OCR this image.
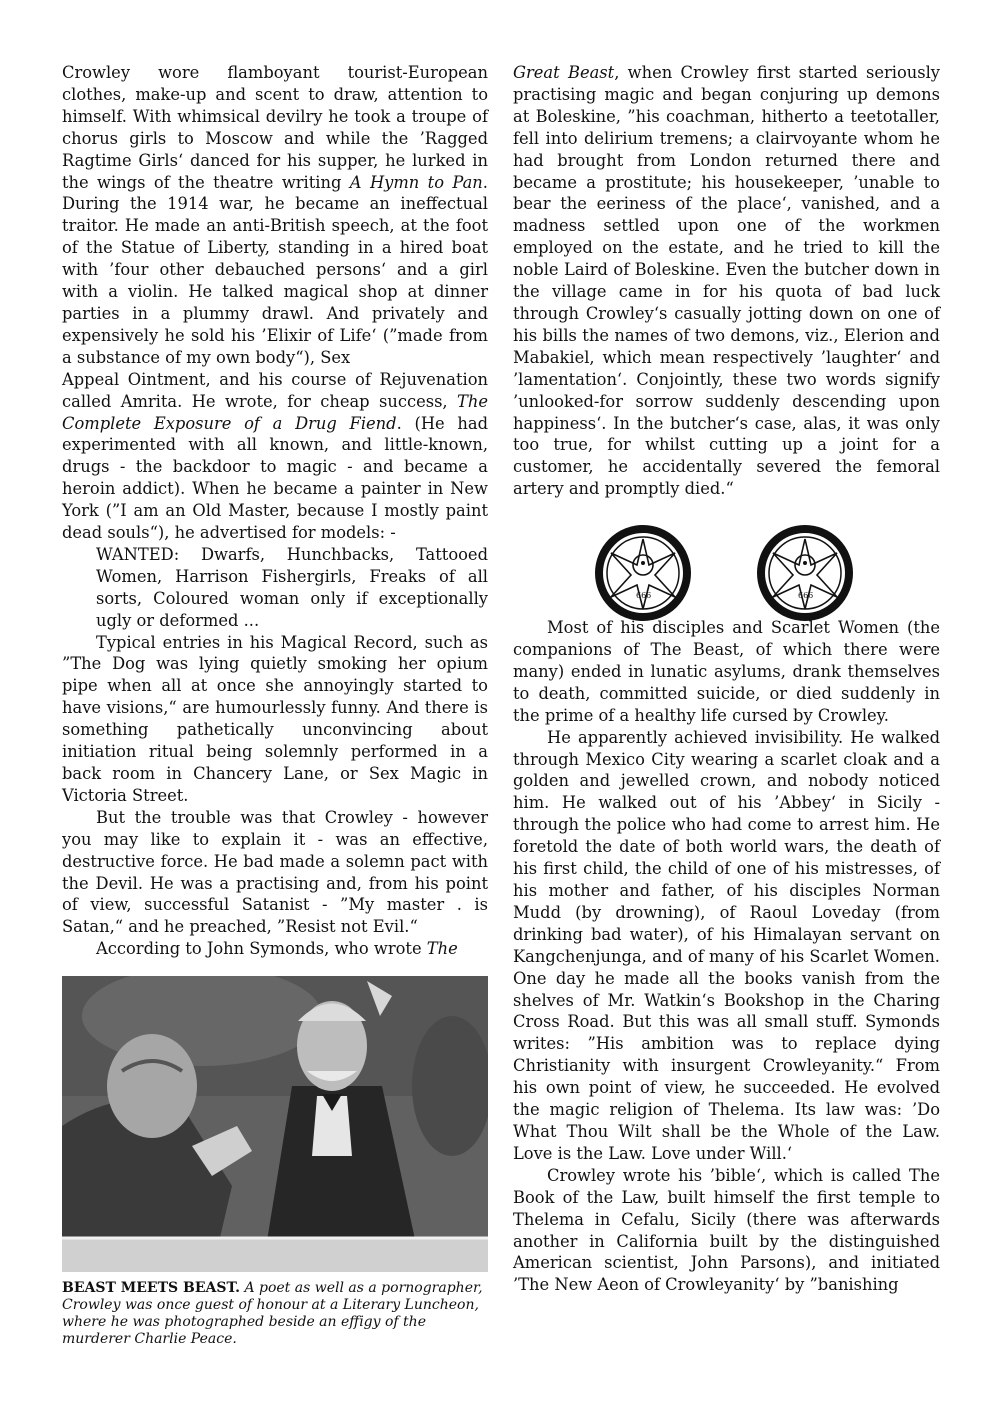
Crowley wore flamboyant tourist-European clothes, make-up and scent to draw, attention to himself. With whimsical devilry he took a troupe of chorus girls to Moscow and while the ’Ragged Ragtime Girls‘ danced for his supper, he lurked in the wings of the theatre writing A Hymn to Pan. During the 1914 war, he became an ineffectual traitor. He made an anti-British speech, at the foot of the Statue of Liberty, standing in a hired boat with ’four other debauched persons‘ and a girl with a violin. He talked magical shop at dinner parties in a plummy drawl. And privately and expensively he sold his ’Elixir of Life‘ (”made from a substance of my own body“), Sex

Appeal Ointment, and his course of Rejuvenation called Amrita. He wrote, for cheap success, The Complete Exposure of a Drug Fiend. (He had experimented with all known, and little-known, drugs - the backdoor to magic - and became a heroin addict). When he became a painter in New York (”I am an Old Master, because I mostly paint dead souls“), he advertised for models: -

WANTED: Dwarfs, Hunchbacks, Tattooed Women, Harrison Fishergirls, Freaks of all sorts, Coloured woman only if exceptionally ugly or deformed ...

Typical entries in his Magical Record, such as ”The Dog was lying quietly smoking her opium pipe when all at once she annoyingly started to have visions,“ are humourlessly funny. And there is something pathetically unconvincing about initiation ritual being solemnly performed in a back room in Chancery Lane, or Sex Magic in Victoria Street.

But the trouble was that Crowley - however you may like to explain it - was an effective, destructive force. He bad made a solemn pact with the Devil. He was a practising and, from his point of view, successful Satanist - ”My master . is Satan,“ and he preached, ”Resist not Evil.“

According to John Symonds, who wrote The

BEAST MEETS BEAST. A poet as well as a pornographer, Crowley was once guest of honour at a Literary Luncheon, where he was photographed beside an effigy of the murderer Charlie Peace.

Great Beast, when Crowley first started seriously practising magic and began conjuring up demons at Boleskine, ”his coachman, hitherto a teetotaller, fell into delirium tremens; a clairvoyante whom he had brought from London returned there and became a prostitute; his housekeeper, ’unable to bear the eeriness of the place‘, vanished, and a madness settled upon one of the workmen employed on the estate, and he tried to kill the noble Laird of Boleskine. Even the butcher down in the village came in for his quota of bad luck through Crowley‘s casually jotting down on one of his bills the names of two demons, viz., Elerion and Mabakiel, which mean respectively ’laughter‘ and ’lamentation‘. Conjointly, these two words signify ’unlooked-for sorrow suddenly descending upon happiness‘. In the butcher‘s case, alas, it was only too true, for whilst cutting up a joint for a customer, he accidentally severed the femoral artery and promptly died.“

Most of his disciples and Scarlet Women (the companions of The Beast, of which there were many) ended in lunatic asylums, drank themselves to death, committed suicide, or died suddenly in the prime of a healthy life cursed by Crowley.

He apparently achieved invisibility. He walked through Mexico City wearing a scarlet cloak and a golden and jewelled crown, and nobody noticed him. He walked out of his ’Abbey‘ in Sicily - through the police who had come to arrest him. He foretold the date of both world wars, the death of his first child, the child of one of his mistresses, of his mother and father, of his disciples Norman Mudd (by drowning), of Raoul Loveday (from drinking bad water), of his Himalayan servant on Kangchenjunga, and of many of his Scarlet Women. One day he made all the books vanish from the shelves of Mr. Watkin‘s Bookshop in the Charing Cross Road. But this was all small stuff. Symonds writes: ”His ambition was to replace dying Christianity with insurgent Crowleyanity.“ From his own point of view, he succeeded. He evolved the magic religion of Thelema. Its law was: ’Do What Thou Wilt shall be the Whole of the Law. Love is the Law. Love under Will.‘

Crowley wrote his ’bible‘, which is called The Book of the Law, built himself the first temple to Thelema in Cefalu, Sicily (there was afterwards another in California built by the distinguished American scientist, John Parsons), and initiated ’The New Aeon of Crowleyanity‘ by ”banishing

666	666
